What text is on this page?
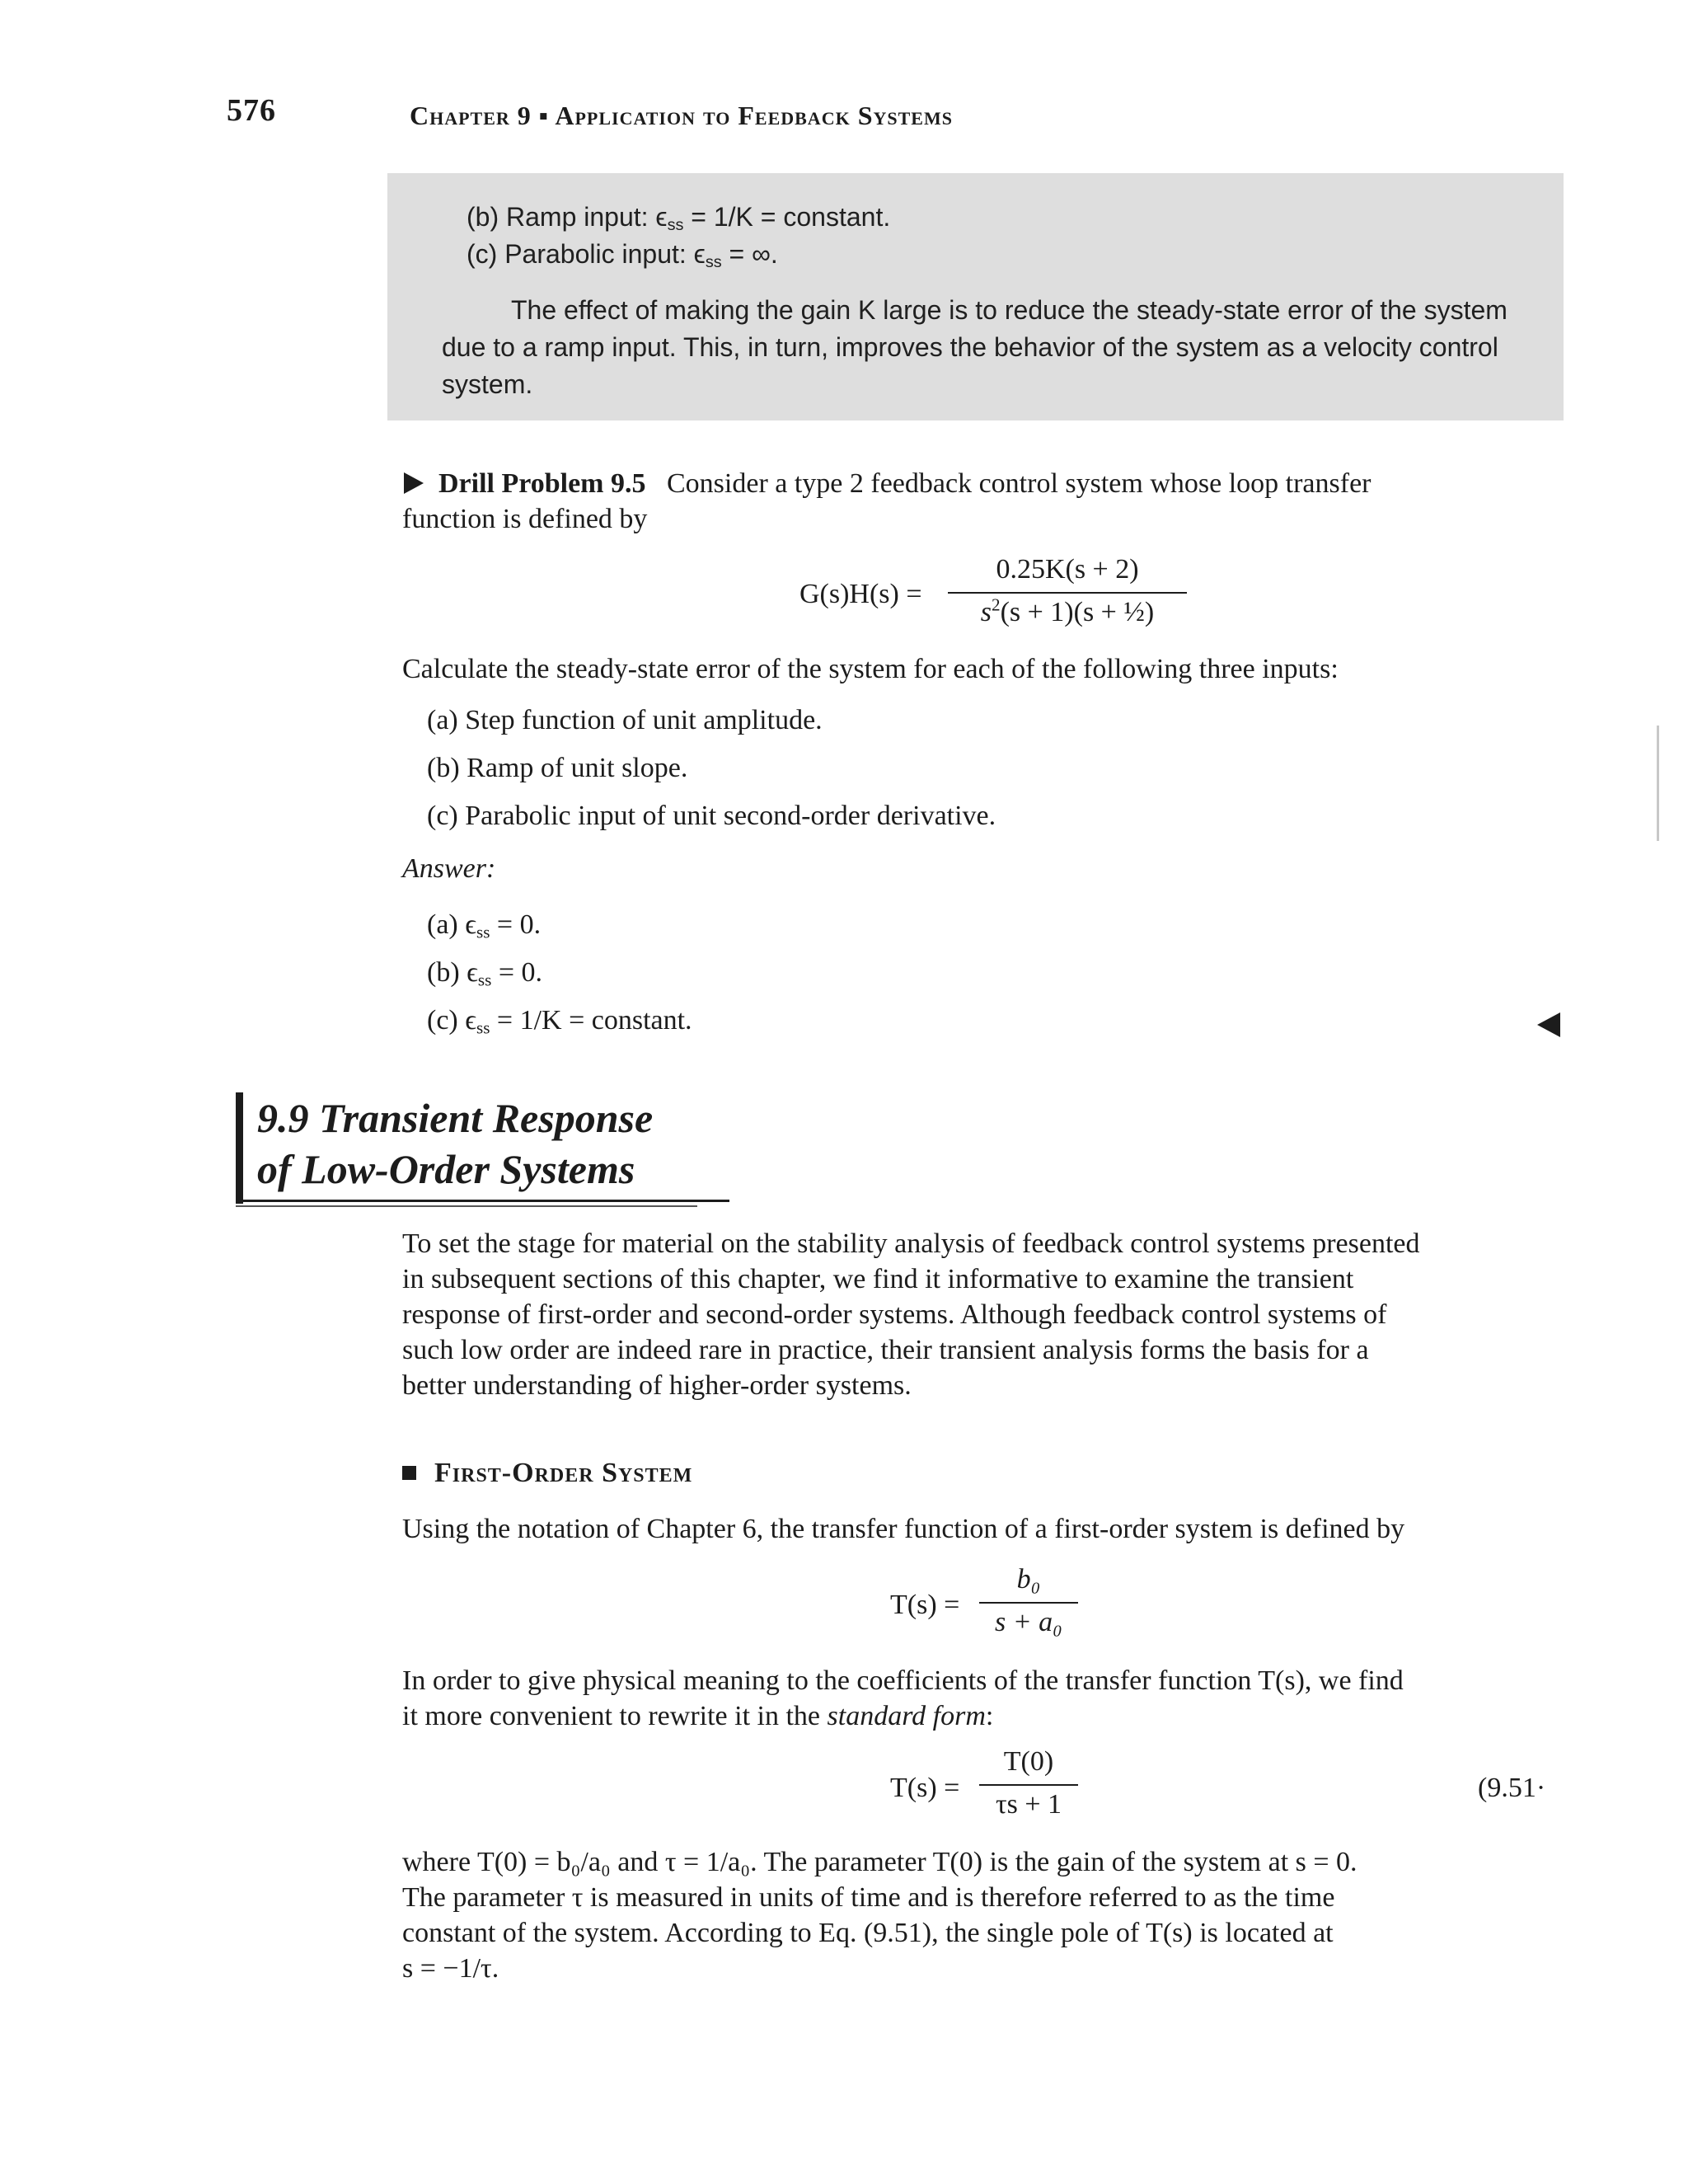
576	Chapter 9 ▪ Application to Feedback Systems
(b) Ramp input: $\epsilon_{ss} = 1/K$ = constant.
(c) Parabolic input: $\epsilon_{ss}$ = ∞.
The effect of making the gain K large is to reduce the steady-state error of the system
due to a ramp input. This, in turn, improves the behavior of the system as a velocity control
system.
Drill Problem 9.5 Consider a type 2 feedback control system whose loop transfer
function is defined by
G(s)H(s) =
0.25K(s + 2)
$s^2(s + 1)(s$ + ½)
Calculate the steady-state error of the system for each of the following three inputs:
(a) Step function of unit amplitude.
(b) Ramp of unit slope.
(c) Parabolic input of unit second-order derivative.
Answer:
(a) $\epsilon_{ss} = 0$.
(b) $\epsilon_{ss} = 0$.
(c) $\epsilon_{ss} = 1/K$ = constant.
9.9 Transient Response
of Low-Order Systems
To set the stage for material on the stability analysis of feedback control systems presented
in subsequent sections of this chapter, we find it informative to examine the transient
response of first-order and second-order systems. Although feedback control systems of
such low order are indeed rare in practice, their transient analysis forms the basis for a
better understanding of higher-order systems.
First-Order System
Using the notation of Chapter 6, the transfer function of a first-order system is defined by
T(s) =
b₀
s + a₀
In order to give physical meaning to the coefficients of the transfer function T(s), we find
it more convenient to rewrite it in the standard form:
T(s) =
T(0)
τs + 1
(9.51·
where T(0) = b₀/a₀ and τ = 1/a₀. The parameter T(0) is the gain of the system at s = 0.
The parameter τ is measured in units of time and is therefore referred to as the time
constant of the system. According to Eq. (9.51), the single pole of T(s) is located at
s = −1/τ.
